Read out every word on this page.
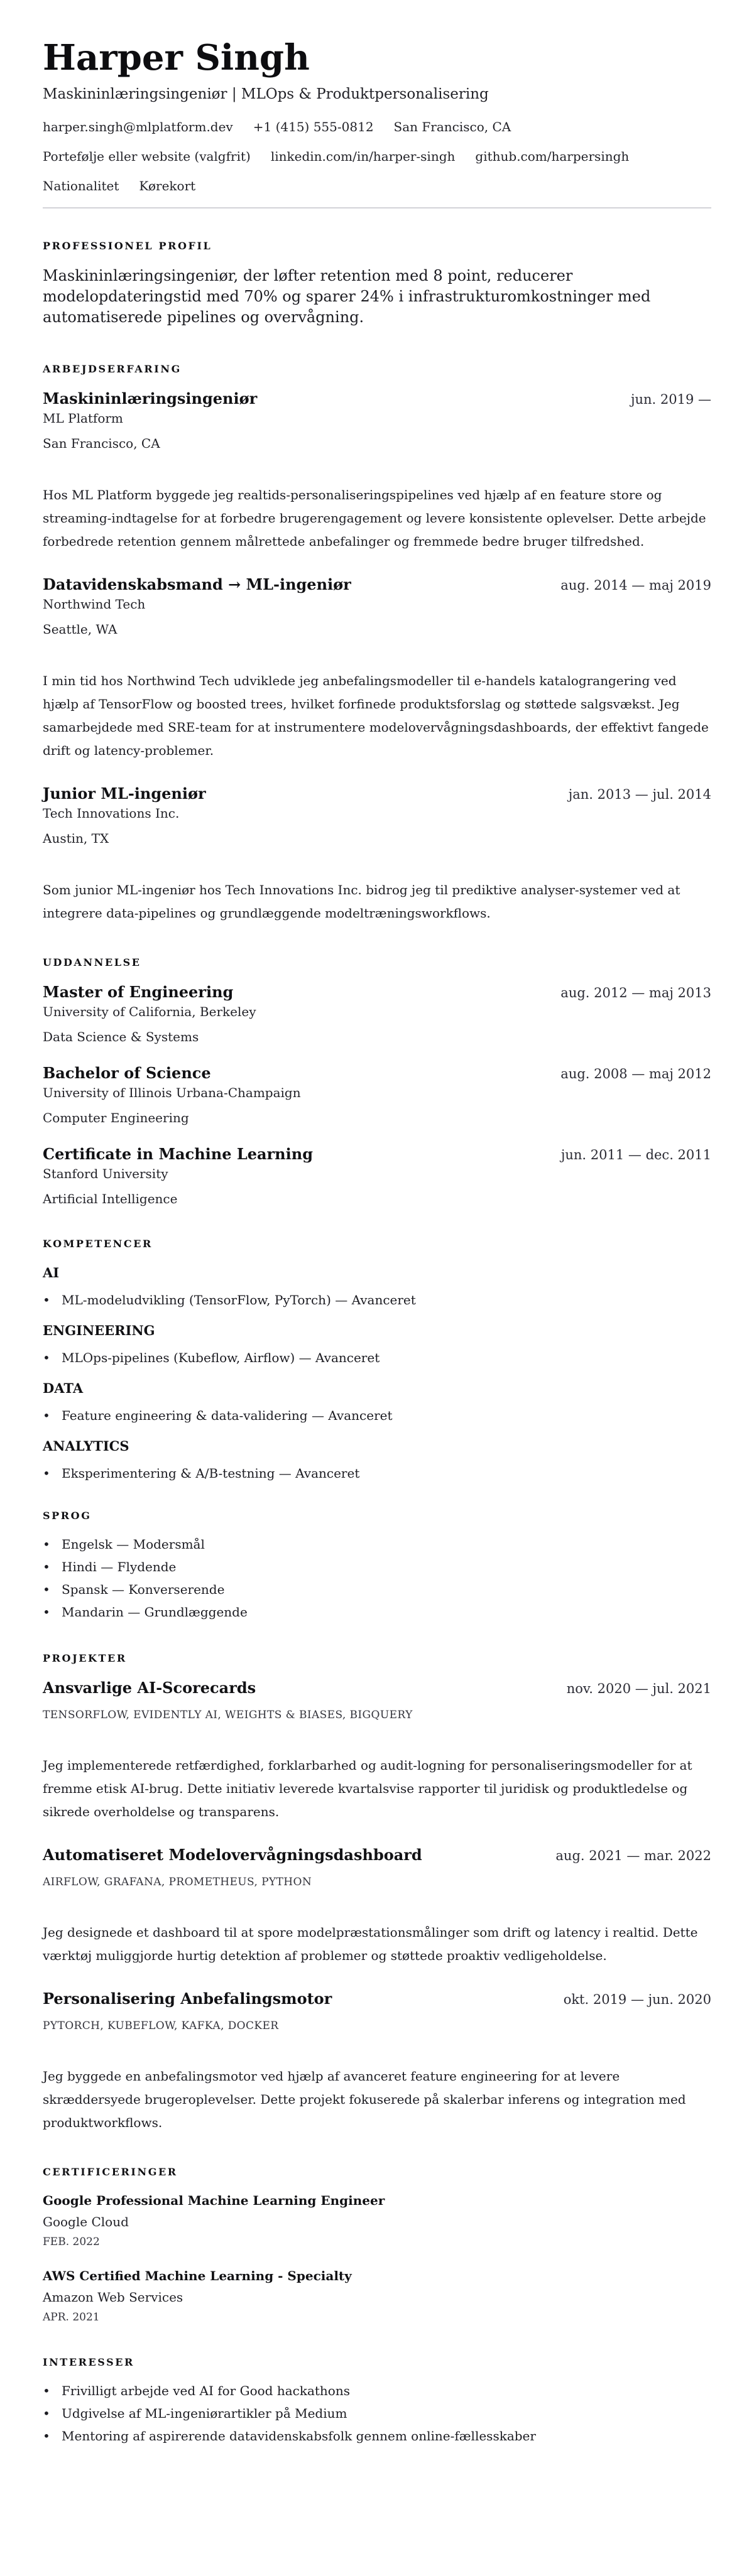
Harper Singh
Maskininlæringsingeniør | MLOps & Produktpersonalisering
harper.singh@mlplatform.dev +1 (415) 555-0812 San Francisco, CA
Portefølje eller website (valgfrit) linkedin.com/in/harper-singh github.com/harpersingh
Nationalitet Kørekort
PROFESSIONEL PROFIL

Maskininlæringsingeniør, der løfter retention med 8 point, reducerer modelopdateringstid med 70% og sparer 24% i infrastrukturomkostninger med automatiserede pipelines og overvågning.

ARBEJDSERFARING
Maskininlæringsingeniør	jun. 2019 —
ML Platform
San Francisco, CA

Hos ML Platform byggede jeg realtids-personaliseringspipelines ved hjælp af en feature store og streaming-indtagelse for at forbedre brugerengagement og levere konsistente oplevelser. Dette arbejde forbedrede retention gennem målrettede anbefalinger og fremmede bedre bruger tilfredshed.

Datavidenskabsmand → ML-ingeniør	aug. 2014 — maj 2019
Northwind Tech
Seattle, WA

I min tid hos Northwind Tech udviklede jeg anbefalingsmodeller til e-handels katalograngering ved hjælp af TensorFlow og boosted trees, hvilket forfinede produktsforslag og støttede salgsvækst. Jeg samarbejdede med SRE-team for at instrumentere modelovervågningsdashboards, der effektivt fangede drift og latency-problemer.

Junior ML-ingeniør	jan. 2013 — jul. 2014
Tech Innovations Inc.
Austin, TX

Som junior ML-ingeniør hos Tech Innovations Inc. bidrog jeg til prediktive analyser-systemer ved at integrere data-pipelines og grundlæggende modeltræningsworkflows.

UDDANNELSE
Master of Engineering	aug. 2012 — maj 2013
University of California, Berkeley
Data Science & Systems
Bachelor of Science	aug. 2008 — maj 2012
University of Illinois Urbana-Champaign
Computer Engineering
Certificate in Machine Learning	jun. 2011 — dec. 2011
Stanford University
Artificial Intelligence
KOMPETENCER
AI
• ML-modeludvikling (TensorFlow, PyTorch) — Avanceret
ENGINEERING
• MLOps-pipelines (Kubeflow, Airflow) — Avanceret
DATA
• Feature engineering & data-validering — Avanceret
ANALYTICS
• Eksperimentering & A/B-testning — Avanceret
SPROG
• Engelsk — Modersmål
• Hindi — Flydende
• Spansk — Konverserende
• Mandarin — Grundlæggende
PROJEKTER
Ansvarlige AI-Scorecards	nov. 2020 — jul. 2021
TENSORFLOW, EVIDENTLY AI, WEIGHTS & BIASES, BIGQUERY

Jeg implementerede retfærdighed, forklarbarhed og audit-logning for personaliseringsmodeller for at fremme etisk AI-brug. Dette initiativ leverede kvartalsvise rapporter til juridisk og produktledelse og sikrede overholdelse og transparens.

Automatiseret Modelovervågningsdashboard	aug. 2021 — mar. 2022
AIRFLOW, GRAFANA, PROMETHEUS, PYTHON

Jeg designede et dashboard til at spore modelpræstationsmålinger som drift og latency i realtid. Dette værktøj muliggjorde hurtig detektion af problemer og støttede proaktiv vedligeholdelse.

Personalisering Anbefalingsmotor	okt. 2019 — jun. 2020
PYTORCH, KUBEFLOW, KAFKA, DOCKER

Jeg byggede en anbefalingsmotor ved hjælp af avanceret feature engineering for at levere skræddersyede brugeroplevelser. Dette projekt fokuserede på skalerbar inferens og integration med produktworkflows.

CERTIFICERINGER
Google Professional Machine Learning Engineer
Google Cloud
FEB. 2022
AWS Certified Machine Learning - Specialty
Amazon Web Services
APR. 2021
INTERESSER
• Frivilligt arbejde ved AI for Good hackathons
• Udgivelse af ML-ingeniørartikler på Medium
• Mentoring af aspirerende datavidenskabsfolk gennem online-fællesskaber
